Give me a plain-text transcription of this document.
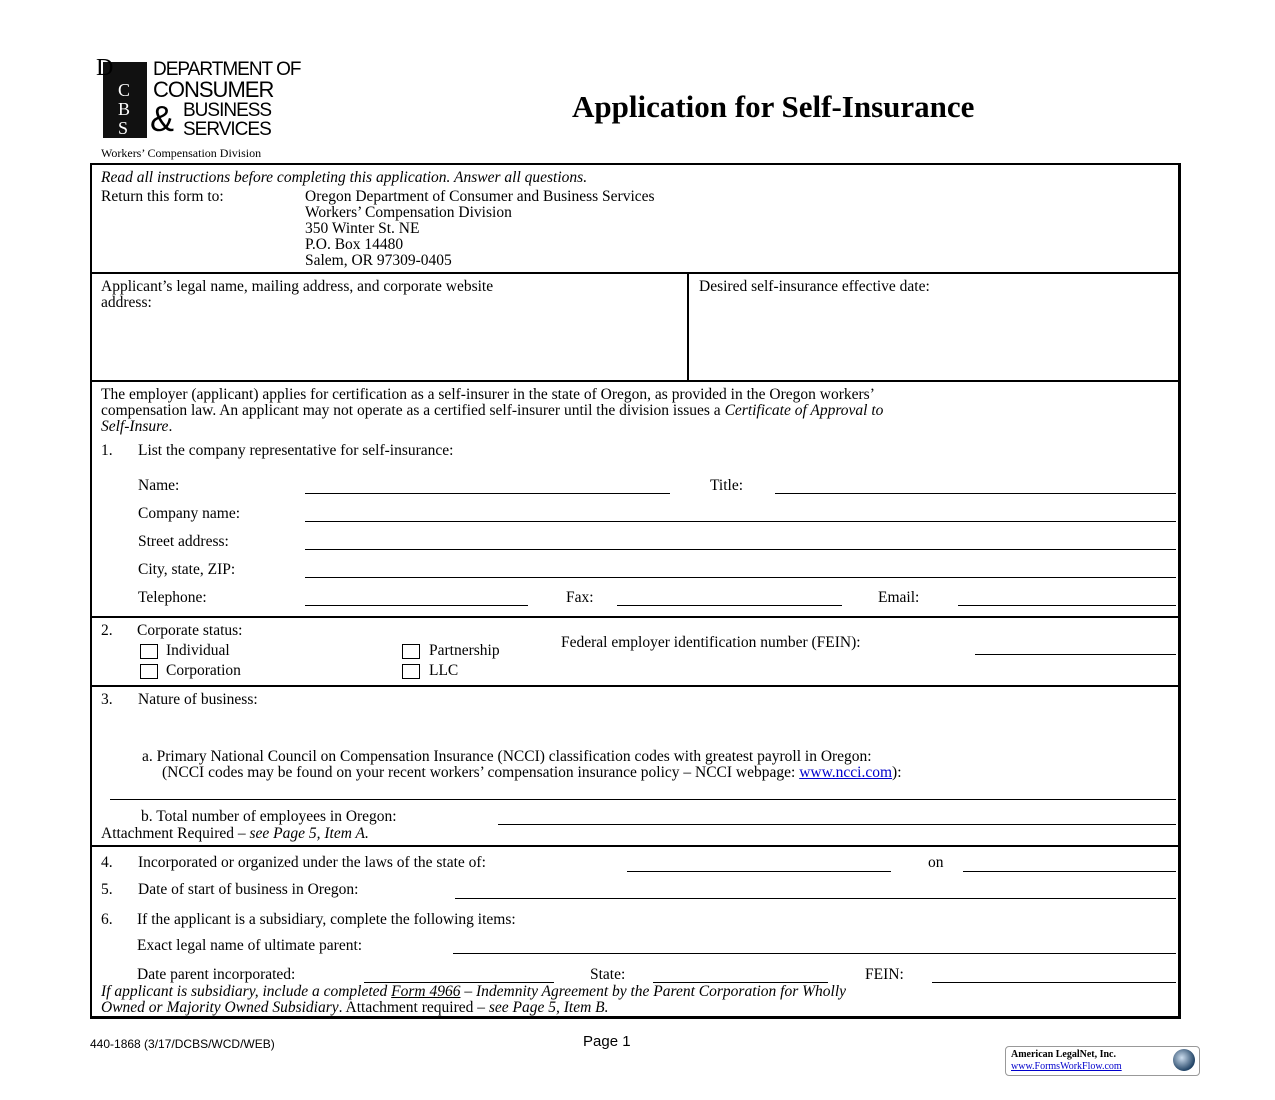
D
C
B
S
DEPARTMENT OF
CONSUMER
& BUSINESS
SERVICES
Workers’ Compensation Division
Application for Self-Insurance
Read all instructions before completing this application. Answer all questions.
Return this form to:	Oregon Department of Consumer and Business Services
Workers’ Compensation Division
350 Winter St. NE
P.O. Box 14480
Salem, OR 97309-0405
Applicant’s legal name, mailing address, and corporate website
address:
Desired self-insurance effective date:
The employer (applicant) applies for certification as a self-insurer in the state of Oregon, as provided in the Oregon workers’
compensation law. An applicant may not operate as a certified self-insurer until the division issues a Certificate of Approval to
Self-Insure.
1. List the company representative for self-insurance:
Name:	Title:
Company name:
Street address:
City, state, ZIP:
Telephone:	Fax:	Email:
2. Corporate status:
Individual	Partnership
Corporation	LLC
Federal employer identification number (FEIN):
3. Nature of business:
a. Primary National Council on Compensation Insurance (NCCI) classification codes with greatest payroll in Oregon:
(NCCI codes may be found on your recent workers’ compensation insurance policy – NCCI webpage: www.ncci.com):
b. Total number of employees in Oregon:
Attachment Required – see Page 5, Item A.
4. Incorporated or organized under the laws of the state of:	on
5. Date of start of business in Oregon:
6. If the applicant is a subsidiary, complete the following items:
Exact legal name of ultimate parent:
Date parent incorporated:	State:	FEIN:
If applicant is subsidiary, include a completed Form 4966 – Indemnity Agreement by the Parent Corporation for Wholly
Owned or Majority Owned Subsidiary. Attachment required – see Page 5, Item B.
440-1868 (3/17/DCBS/WCD/WEB)	Page 1
American LegalNet, Inc.
www.FormsWorkFlow.com
